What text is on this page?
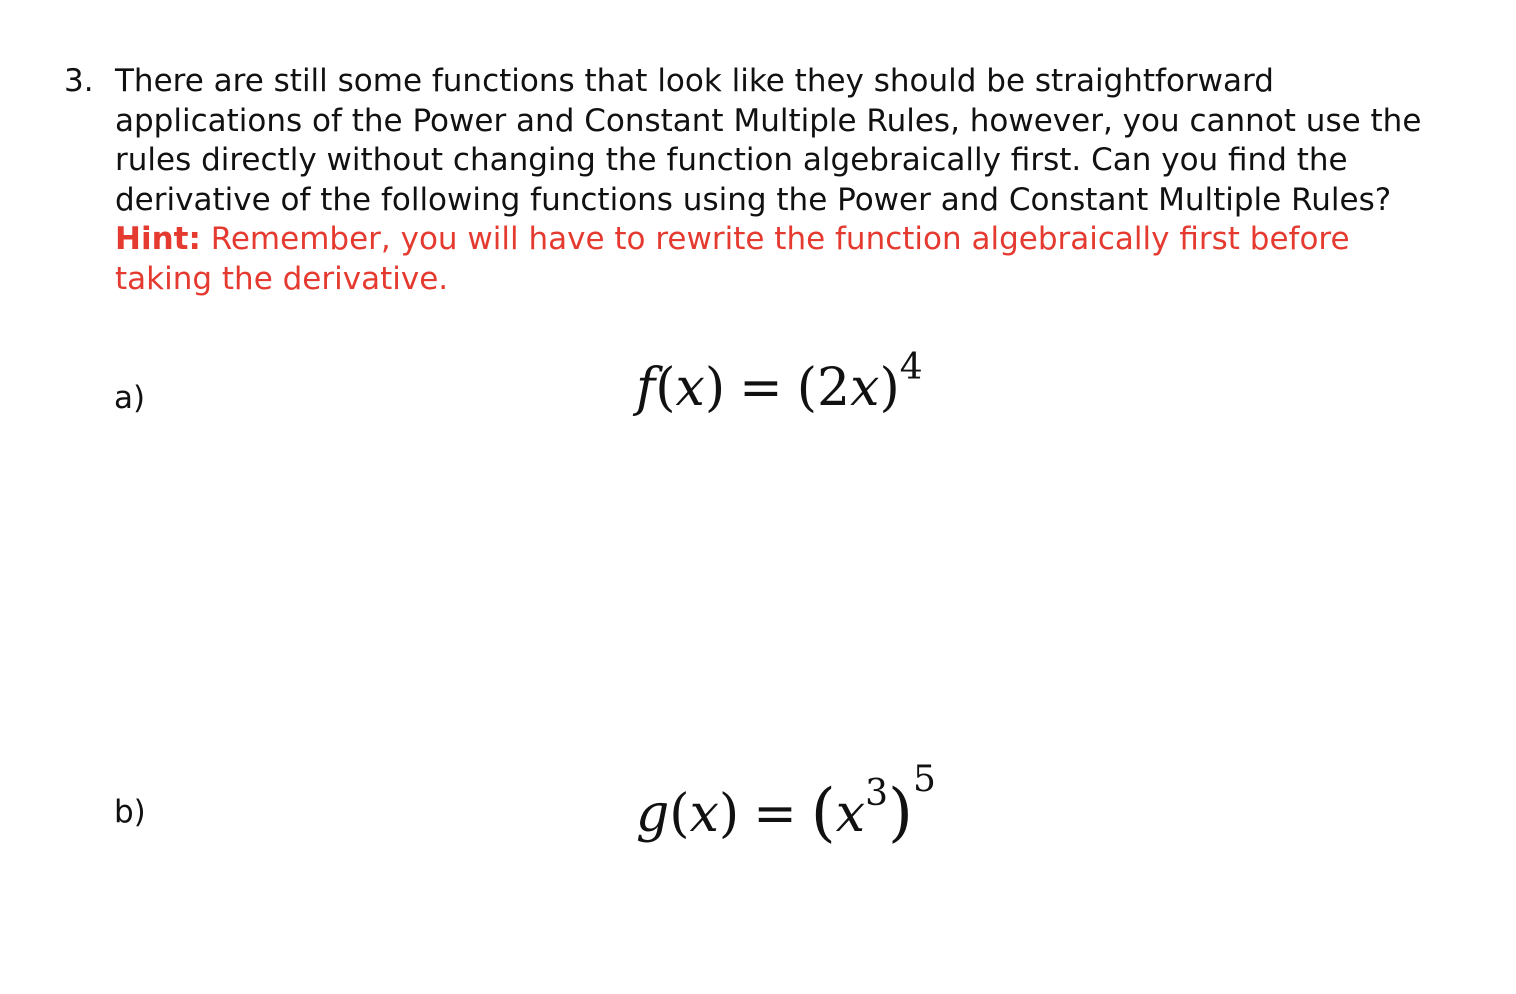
3. There are still some functions that look like they should be straightforward
applications of the Power and Constant Multiple Rules, however, you cannot use the
rules directly without changing the function algebraically first. Can you find the
derivative of the following functions using the Power and Constant Multiple Rules?
Hint: Remember, you will have to rewrite the function algebraically first before
taking the derivative.
a)	$f(x) = (2x)^4$
b)	$g(x) = (x^3)^5$
